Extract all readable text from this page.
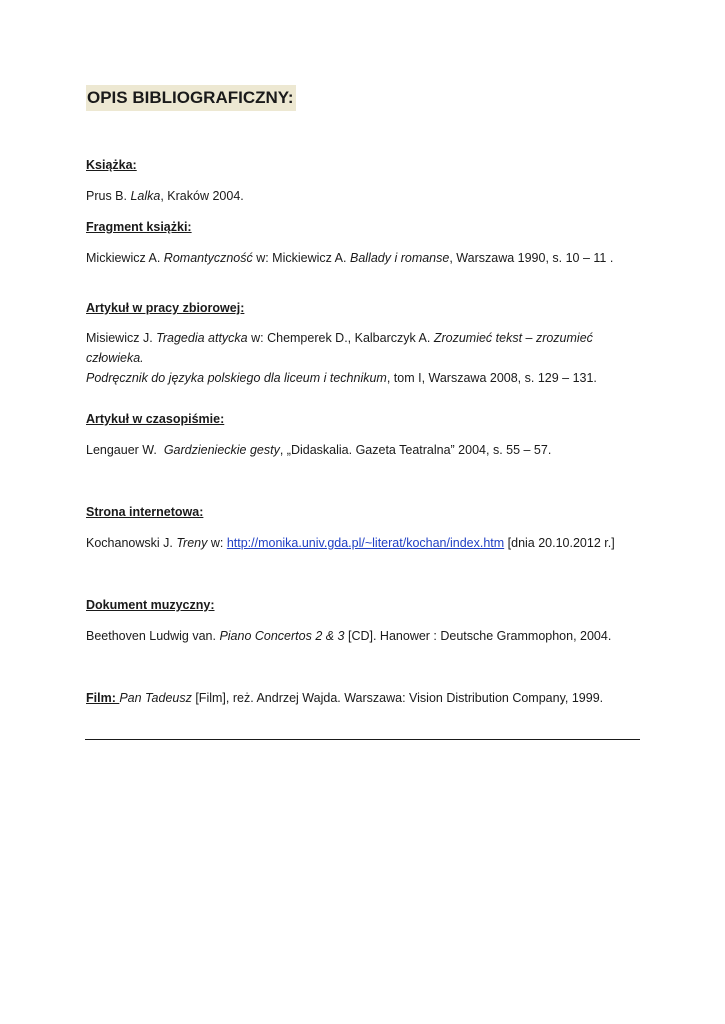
OPIS BIBLIOGRAFICZNY:
Książka:
Prus B. Lalka, Kraków 2004.
Fragment książki:
Mickiewicz A. Romantyczność w: Mickiewicz A. Ballady i romanse, Warszawa 1990, s. 10 – 11 .
Artykuł w pracy zbiorowej:
Misiewicz J. Tragedia attycka w: Chemperek D., Kalbarczyk A. Zrozumieć tekst – zrozumieć człowieka.
Podręcznik do języka polskiego dla liceum i technikum, tom I, Warszawa 2008, s. 129 – 131.
Artykuł w czasopiśmie:
Lengauer W.  Gardzienieckie gesty, „Didaskalia. Gazeta Teatralna” 2004, s. 55 – 57.
Strona internetowa:
Kochanowski J. Treny w: http://monika.univ.gda.pl/~literat/kochan/index.htm [dnia 20.10.2012 r.]
Dokument muzyczny:
Beethoven Ludwig van. Piano Concertos 2 & 3 [CD]. Hanower : Deutsche Grammophon, 2004.
Film: Pan Tadeusz [Film], reż. Andrzej Wajda. Warszawa: Vision Distribution Company, 1999.
